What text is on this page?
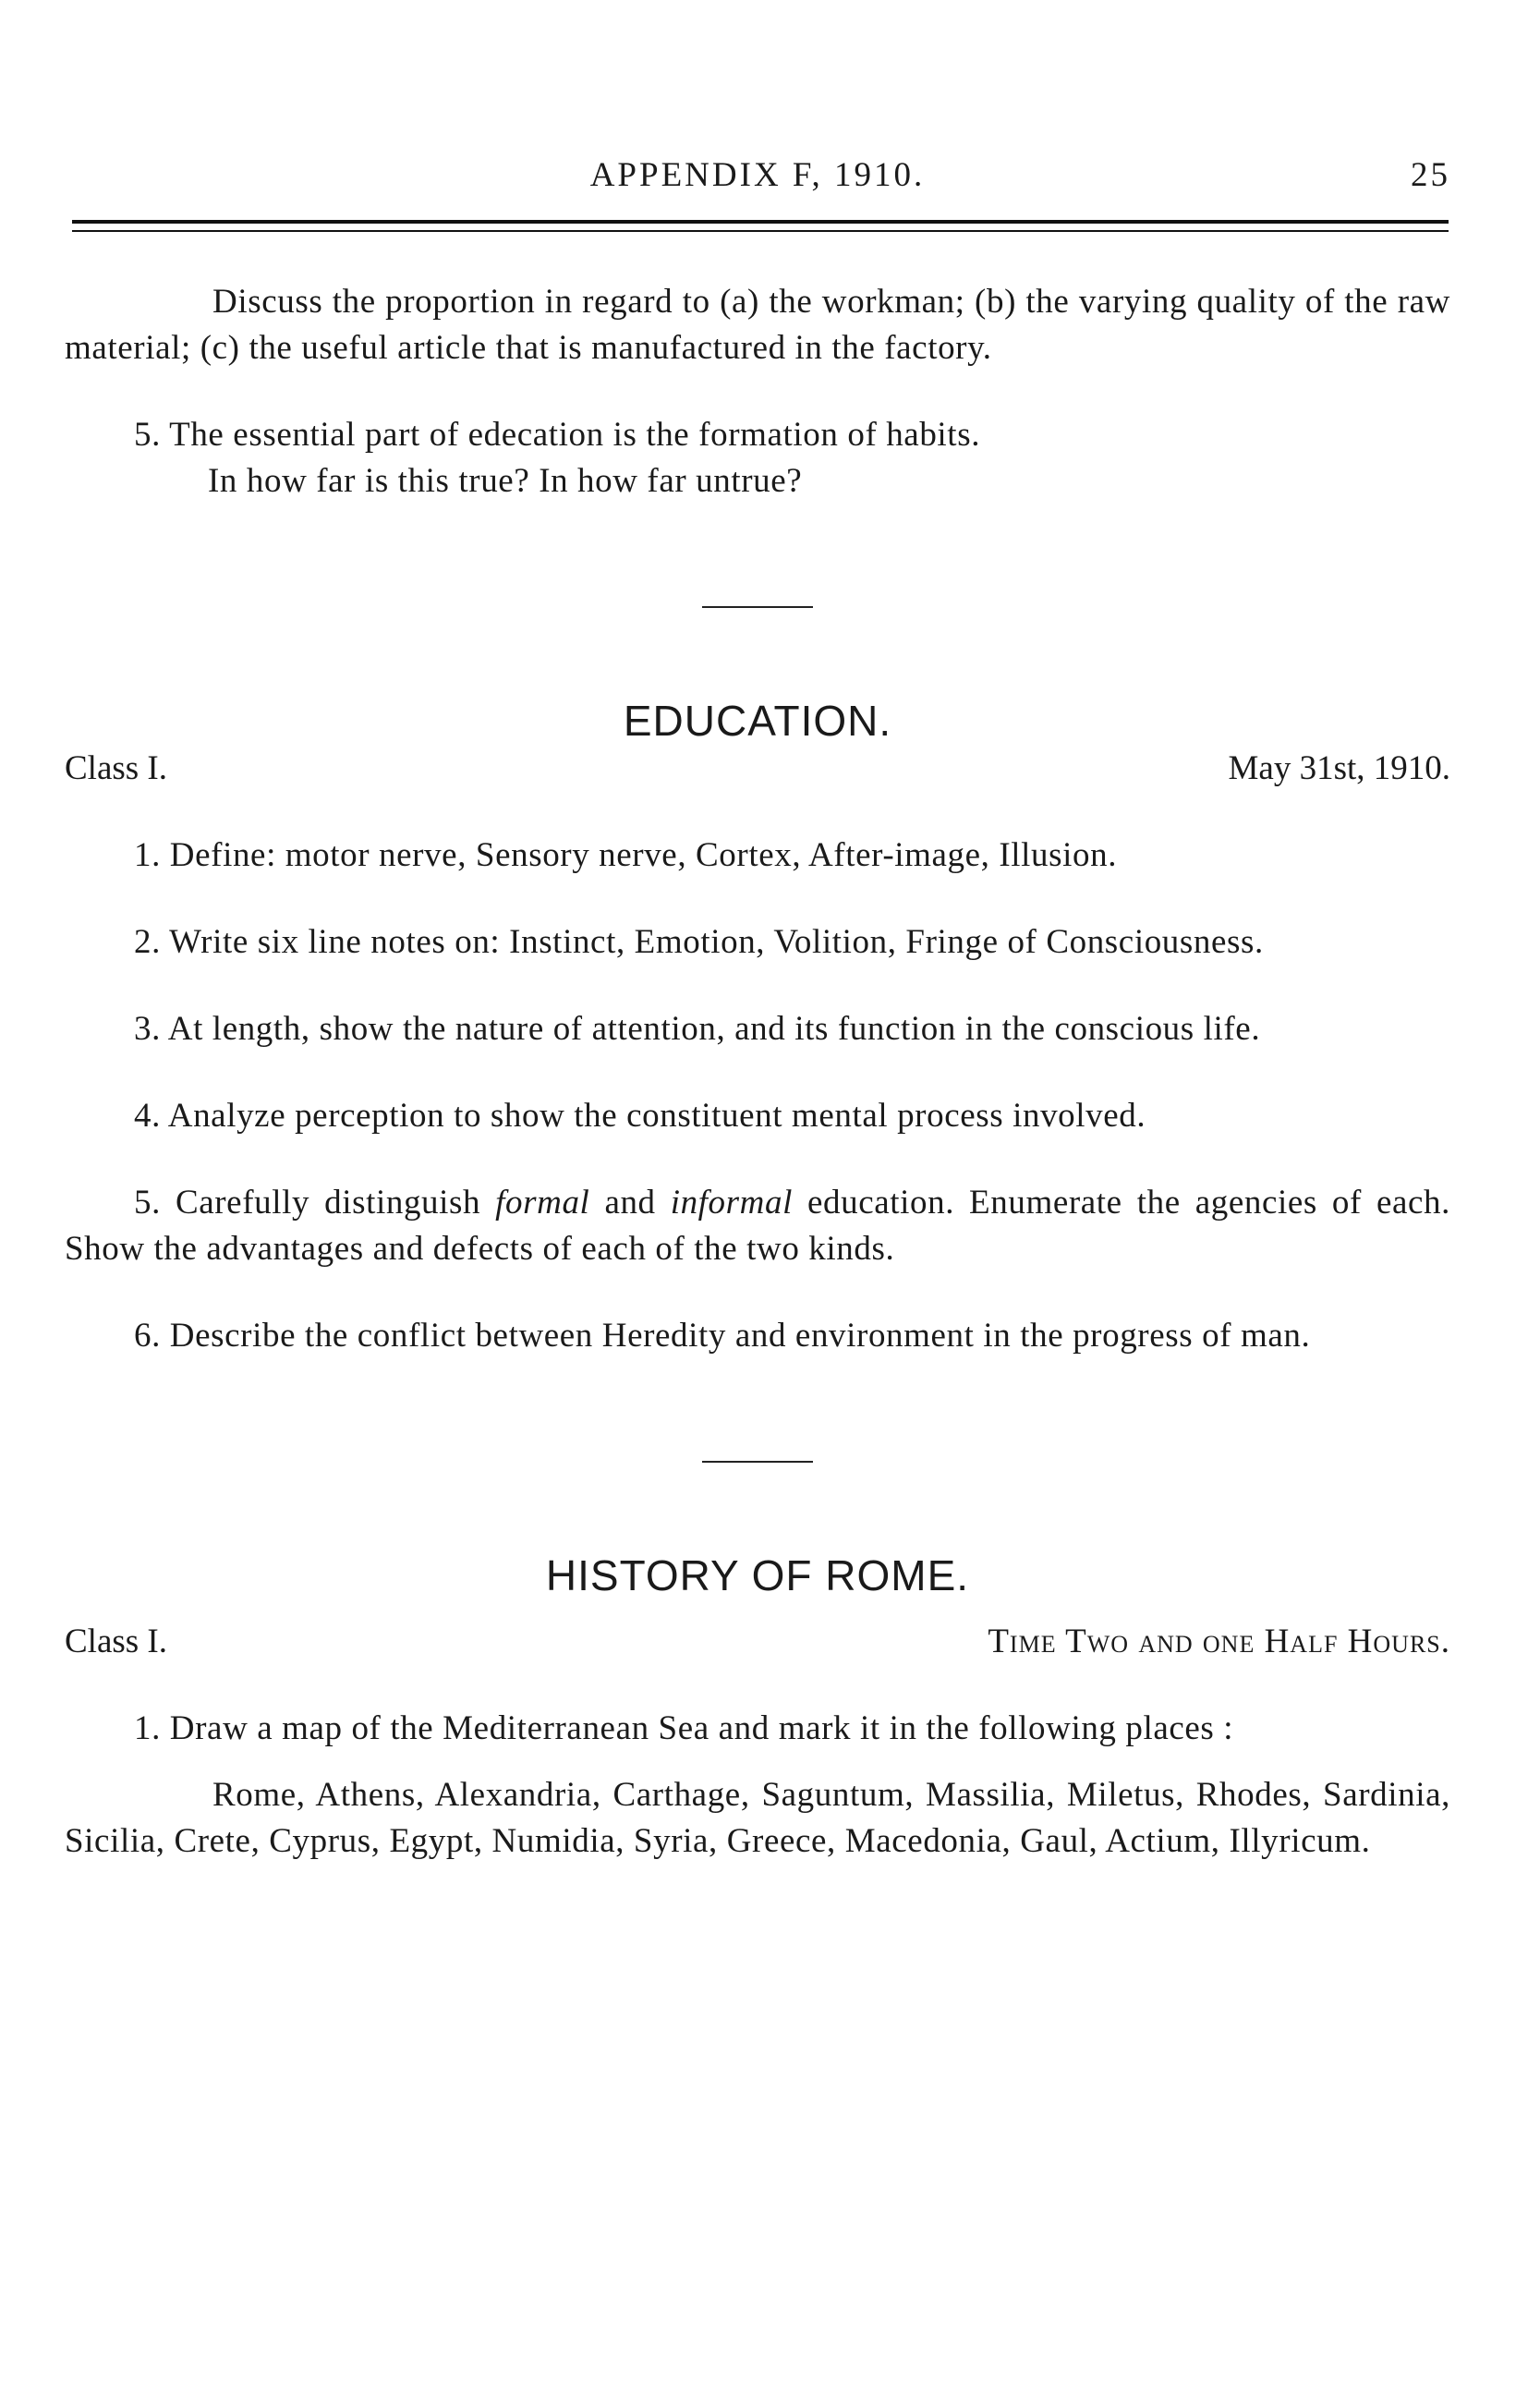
APPENDIX F, 1910.	25

Discuss the proportion in regard to (a) the workman; (b) the varying quality of the raw material; (c) the useful article that is manufactured in the factory.

5. The essential part of edecation is the formation of habits.

In how far is this true? In how far untrue?

EDUCATION.
Class I.	May 31st, 1910.

1. Define: motor nerve, Sensory nerve, Cortex, After-image, Illusion.

2. Write six line notes on: Instinct, Emotion, Volition, Fringe of Consciousness.

3. At length, show the nature of attention, and its function in the conscious life.

4. Analyze perception to show the constituent mental process involved.

5. Carefully distinguish formal and informal education. Enumerate the agencies of each. Show the advantages and defects of each of the two kinds.

6. Describe the conflict between Heredity and environment in the progress of man.

HISTORY OF ROME.
Class I.	Time Two and one Half Hours.

1. Draw a map of the Mediterranean Sea and mark it in the following places :

Rome, Athens, Alexandria, Carthage, Saguntum, Massilia, Miletus, Rhodes, Sardinia, Sicilia, Crete, Cyprus, Egypt, Numidia, Syria, Greece, Macedonia, Gaul, Actium, Illyricum.
